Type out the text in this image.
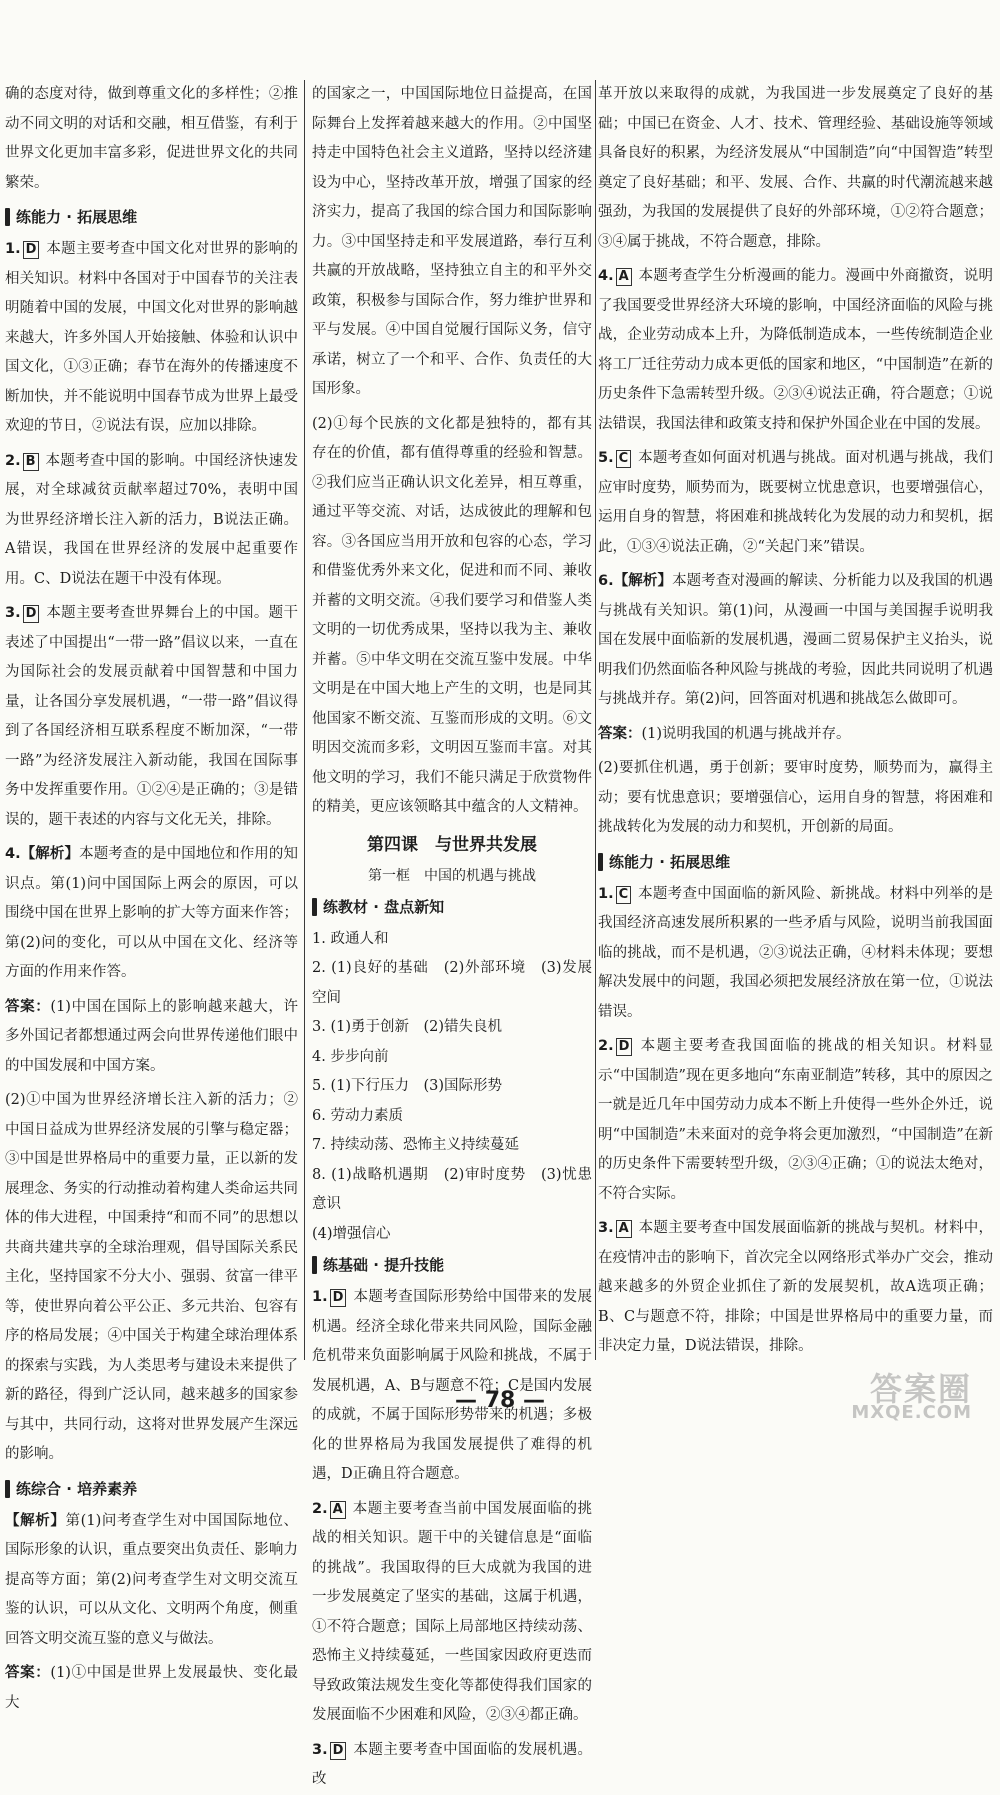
确的态度对待，做到尊重文化的多样性；②推动不同文明的对话和交融，相互借鉴，有利于世界文化更加丰富多彩，促进世界文化的共同繁荣。

练能力 · 拓展思维

1. D 本题主要考查中国文化对世界的影响的相关知识。材料中各国对于中国春节的关注表明随着中国的发展，中国文化对世界的影响越来越大，许多外国人开始接触、体验和认识中国文化，①③正确；春节在海外的传播速度不断加快，并不能说明中国春节成为世界上最受欢迎的节日，②说法有误，应加以排除。

2. B 本题考查中国的影响。中国经济快速发展，对全球减贫贡献率超过70%，表明中国为世界经济增长注入新的活力，B说法正确。A错误，我国在世界经济的发展中起重要作用。C、D说法在题干中没有体现。

3. D 本题主要考查世界舞台上的中国。题干表述了中国提出“一带一路”倡议以来，一直在为国际社会的发展贡献着中国智慧和中国力量，让各国分享发展机遇，“一带一路”倡议得到了各国经济相互联系程度不断加深，“一带一路”为经济发展注入新动能，我国在国际事务中发挥重要作用。①②④是正确的；③是错误的，题干表述的内容与文化无关，排除。

4.【解析】本题考查的是中国地位和作用的知识点。第(1)问中国国际上两会的原因，可以围绕中国在世界上影响的扩大等方面来作答；第(2)问的变化，可以从中国在文化、经济等方面的作用来作答。

答案：(1)中国在国际上的影响越来越大，许多外国记者都想通过两会向世界传递他们眼中的中国发展和中国方案。

(2)①中国为世界经济增长注入新的活力；②中国日益成为世界经济发展的引擎与稳定器；③中国是世界格局中的重要力量，正以新的发展理念、务实的行动推动着构建人类命运共同体的伟大进程，中国秉持“和而不同”的思想以共商共建共享的全球治理观，倡导国际关系民主化，坚持国家不分大小、强弱、贫富一律平等，使世界向着公平公正、多元共治、包容有序的格局发展；④中国关于构建全球治理体系的探索与实践，为人类思考与建设未来提供了新的路径，得到广泛认同，越来越多的国家参与其中，共同行动，这将对世界发展产生深远的影响。

练综合 · 培养素养

【解析】第(1)问考查学生对中国国际地位、国际形象的认识，重点要突出负责任、影响力提高等方面；第(2)问考查学生对文明交流互鉴的认识，可以从文化、文明两个角度，侧重回答文明交流互鉴的意义与做法。

答案：(1)①中国是世界上发展最快、变化最大

的国家之一，中国国际地位日益提高，在国际舞台上发挥着越来越大的作用。②中国坚持走中国特色社会主义道路，坚持以经济建设为中心，坚持改革开放，增强了国家的经济实力，提高了我国的综合国力和国际影响力。③中国坚持走和平发展道路，奉行互利共赢的开放战略，坚持独立自主的和平外交政策，积极参与国际合作，努力维护世界和平与发展。④中国自觉履行国际义务，信守承诺，树立了一个和平、合作、负责任的大国形象。

(2)①每个民族的文化都是独特的，都有其存在的价值，都有值得尊重的经验和智慧。②我们应当正确认识文化差异，相互尊重，通过平等交流、对话，达成彼此的理解和包容。③各国应当用开放和包容的心态，学习和借鉴优秀外来文化，促进和而不同、兼收并蓄的文明交流。④我们要学习和借鉴人类文明的一切优秀成果，坚持以我为主、兼收并蓄。⑤中华文明在交流互鉴中发展。中华文明是在中国大地上产生的文明，也是同其他国家不断交流、互鉴而形成的文明。⑥文明因交流而多彩，文明因互鉴而丰富。对其他文明的学习，我们不能只满足于欣赏物件的精美，更应该领略其中蕴含的人文精神。

第四课　与世界共发展
第一框　中国的机遇与挑战
练教材 · 盘点新知

1. 政通人和

2. (1)良好的基础　(2)外部环境　(3)发展空间

3. (1)勇于创新　(2)错失良机

4. 步步向前

5. (1)下行压力　(3)国际形势

6. 劳动力素质

7. 持续动荡、恐怖主义持续蔓延

8. (1)战略机遇期　(2)审时度势　(3)忧患意识

(4)增强信心

练基础 · 提升技能

1. D 本题考查国际形势给中国带来的发展机遇。经济全球化带来共同风险，国际金融危机带来负面影响属于风险和挑战，不属于发展机遇，A、B与题意不符；C是国内发展的成就，不属于国际形势带来的机遇；多极化的世界格局为我国发展提供了难得的机遇，D正确且符合题意。

2. A 本题主要考查当前中国发展面临的挑战的相关知识。题干中的关键信息是“面临的挑战”。我国取得的巨大成就为我国的进一步发展奠定了坚实的基础，这属于机遇，①不符合题意；国际上局部地区持续动荡、恐怖主义持续蔓延，一些国家因政府更迭而导致政策法规发生变化等都使得我们国家的发展面临不少困难和风险，②③④都正确。

3. D 本题主要考查中国面临的发展机遇。改

革开放以来取得的成就，为我国进一步发展奠定了良好的基础；中国已在资金、人才、技术、管理经验、基础设施等领域具备良好的积累，为经济发展从“中国制造”向“中国智造”转型奠定了良好基础；和平、发展、合作、共赢的时代潮流越来越强劲，为我国的发展提供了良好的外部环境，①②符合题意；③④属于挑战，不符合题意，排除。

4. A 本题考查学生分析漫画的能力。漫画中外商撤资，说明了我国要受世界经济大环境的影响，中国经济面临的风险与挑战，企业劳动成本上升，为降低制造成本，一些传统制造企业将工厂迁往劳动力成本更低的国家和地区，“中国制造”在新的历史条件下急需转型升级。②③④说法正确，符合题意；①说法错误，我国法律和政策支持和保护外国企业在中国的发展。

5. C 本题考查如何面对机遇与挑战。面对机遇与挑战，我们应审时度势，顺势而为，既要树立忧患意识，也要增强信心，运用自身的智慧，将困难和挑战转化为发展的动力和契机，据此，①③④说法正确，②“关起门来”错误。

6.【解析】本题考查对漫画的解读、分析能力以及我国的机遇与挑战有关知识。第(1)问，从漫画一中国与美国握手说明我国在发展中面临新的发展机遇，漫画二贸易保护主义抬头，说明我们仍然面临各种风险与挑战的考验，因此共同说明了机遇与挑战并存。第(2)问，回答面对机遇和挑战怎么做即可。

答案：(1)说明我国的机遇与挑战并存。

(2)要抓住机遇，勇于创新；要审时度势，顺势而为，赢得主动；要有忧患意识；要增强信心，运用自身的智慧，将困难和挑战转化为发展的动力和契机，开创新的局面。

练能力 · 拓展思维

1. C 本题考查中国面临的新风险、新挑战。材料中列举的是我国经济高速发展所积累的一些矛盾与风险，说明当前我国面临的挑战，而不是机遇，②③说法正确，④材料未体现；要想解决发展中的问题，我国必须把发展经济放在第一位，①说法错误。

2. D 本题主要考查我国面临的挑战的相关知识。材料显示“中国制造”现在更多地向“东南亚制造”转移，其中的原因之一就是近几年中国劳动力成本不断上升使得一些外企外迁，说明“中国制造”未来面对的竞争将会更加激烈，“中国制造”在新的历史条件下需要转型升级，②③④正确；①的说法太绝对，不符合实际。

3. A 本题主要考查中国发展面临新的挑战与契机。材料中，在疫情冲击的影响下，首次完全以网络形式举办广交会，推动越来越多的外贸企业抓住了新的发展契机，故A选项正确；B、C与题意不符，排除；中国是世界格局中的重要力量，而非决定力量，D说法错误，排除。

— 78 —	答案圈
MXQE.COM
